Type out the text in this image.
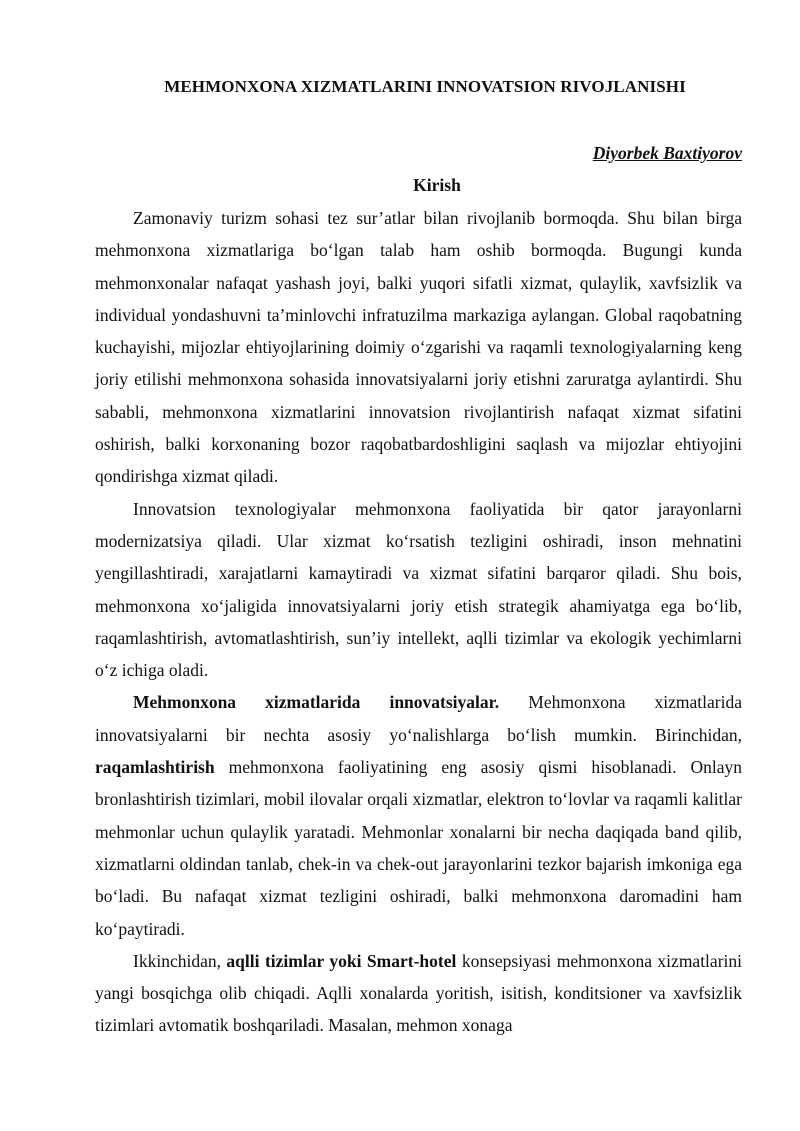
MEHMONXONA XIZMATLARINI INNOVATSION RIVOJLANISHI
Diyorbek Baxtiyorov
Kirish

Zamonaviy turizm sohasi tez sur’atlar bilan rivojlanib bormoqda. Shu bilan birga mehmonxona xizmatlariga bo‘lgan talab ham oshib bormoqda. Bugungi kunda mehmonxonalar nafaqat yashash joyi, balki yuqori sifatli xizmat, qulaylik, xavfsizlik va individual yondashuvni ta’minlovchi infratuzilma markaziga aylangan. Global raqobatning kuchayishi, mijozlar ehtiyojlarining doimiy o‘zgarishi va raqamli texnologiyalarning keng joriy etilishi mehmonxona sohasida innovatsiyalarni joriy etishni zaruratga aylantirdi. Shu sababli, mehmonxona xizmatlarini innovatsion rivojlantirish nafaqat xizmat sifatini oshirish, balki korxonaning bozor raqobatbardoshligini saqlash va mijozlar ehtiyojini qondirishga xizmat qiladi.

Innovatsion texnologiyalar mehmonxona faoliyatida bir qator jarayonlarni modernizatsiya qiladi. Ular xizmat ko‘rsatish tezligini oshiradi, inson mehnatini yengillashtiradi, xarajatlarni kamaytiradi va xizmat sifatini barqaror qiladi. Shu bois, mehmonxona xo‘jaligida innovatsiyalarni joriy etish strategik ahamiyatga ega bo‘lib, raqamlashtirish, avtomatlashtirish, sun’iy intellekt, aqlli tizimlar va ekologik yechimlarni o‘z ichiga oladi.

Mehmonxona xizmatlarida innovatsiyalar. Mehmonxona xizmatlarida innovatsiyalarni bir nechta asosiy yo‘nalishlarga bo‘lish mumkin. Birinchidan, raqamlashtirish mehmonxona faoliyatining eng asosiy qismi hisoblanadi. Onlayn bronlashtirish tizimlari, mobil ilovalar orqali xizmatlar, elektron to‘lovlar va raqamli kalitlar mehmonlar uchun qulaylik yaratadi. Mehmonlar xonalarni bir necha daqiqada band qilib, xizmatlarni oldindan tanlab, chek-in va chek-out jarayonlarini tezkor bajarish imkoniga ega bo‘ladi. Bu nafaqat xizmat tezligini oshiradi, balki mehmonxona daromadini ham ko‘paytiradi.

Ikkinchidan, aqlli tizimlar yoki Smart-hotel konsepsiyasi mehmonxona xizmatlarini yangi bosqichga olib chiqadi. Aqlli xonalarda yoritish, isitish, konditsioner va xavfsizlik tizimlari avtomatik boshqariladi. Masalan, mehmon xonaga
